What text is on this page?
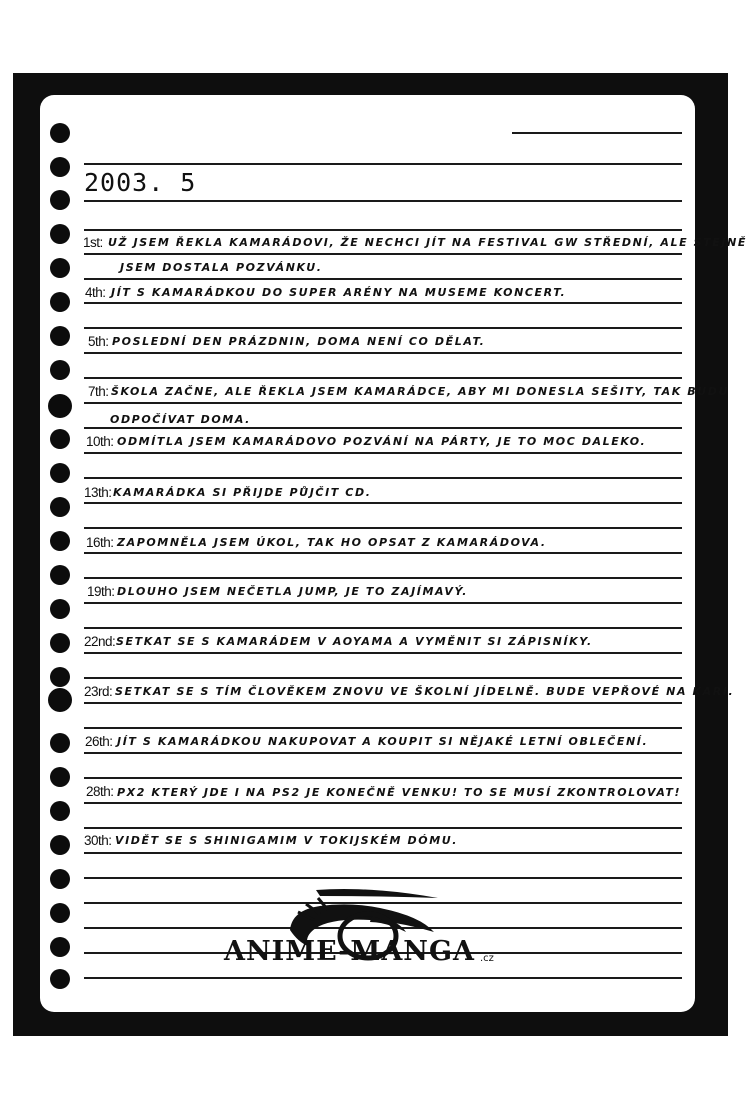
2003. 5
1st: UŽ JSEM ŘEKLA KAMARÁDOVI, ŽE NECHCI JÍT NA FESTIVAL GW STŘEDNÍ, ALE STEJNĚ
JSEM DOSTALA POZVÁNKU.
4th: JÍT S KAMARÁDKOU DO SUPER ARÉNY NA MUSEME KONCERT.
5th: POSLEDNÍ DEN PRÁZDNIN, DOMA NENÍ CO DĚLAT.
7th: ŠKOLA ZAČNE, ALE ŘEKLA JSEM KAMARÁDCE, ABY MI DONESLA SEŠITY, TAK BUDU
ODPOČÍVAT DOMA.
10th: ODMÍTLA JSEM KAMARÁDOVO POZVÁNÍ NA PÁRTY, JE TO MOC DALEKO.
13th: KAMARÁDKA SI PŘIJDE PŮJČIT CD.
16th: ZAPOMNĚLA JSEM ÚKOL, TAK HO OPSAT Z KAMARÁDOVA.
19th: DLOUHO JSEM NEČETLA JUMP, JE TO ZAJÍMAVÝ.
22nd: SETKAT SE S KAMARÁDEM V AOYAMA A VYMĚNIT SI ZÁPISNÍKY.
23rd: SETKAT SE S TÍM ČLOVĚKEM ZNOVU VE ŠKOLNÍ JÍDELNĚ. BUDE VEPŘOVÉ NA KARI.
26th: JÍT S KAMARÁDKOU NAKUPOVAT A KOUPIT SI NĚJAKÉ LETNÍ OBLEČENÍ.
28th: PX2 KTERÝ JDE I NA PS2 JE KONEČNĚ VENKU! TO SE MUSÍ ZKONTROLOVAT!
30th: VIDĚT SE S SHINIGAMIM V TOKIJSKÉM DÓMU.
ANIME-MANGA .cz
